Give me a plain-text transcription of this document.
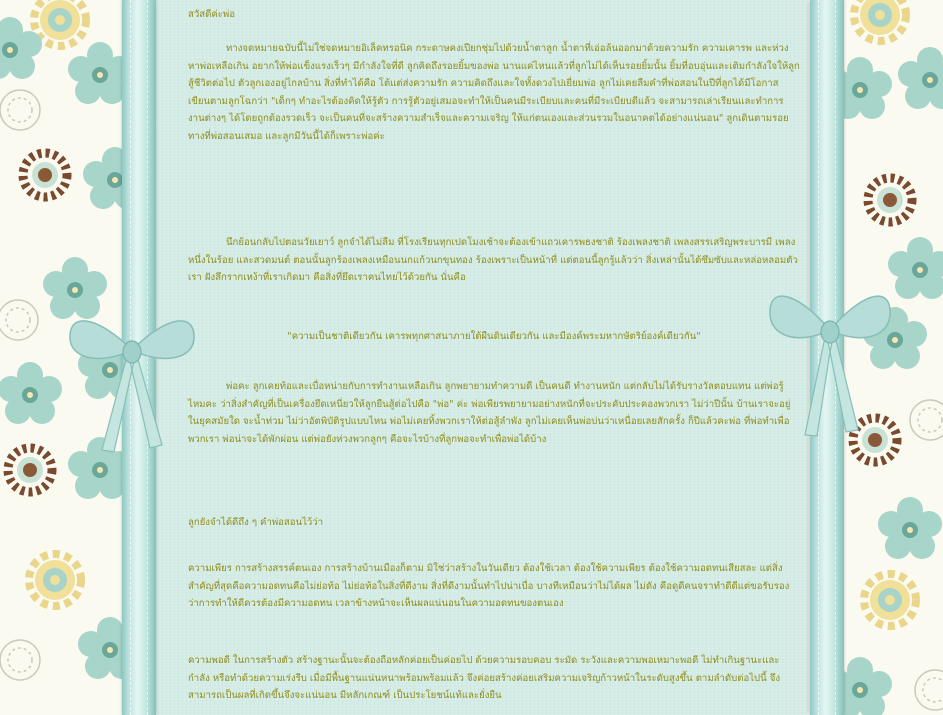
สวัสดีค่ะพ่อ

ทางจดหมายฉบับนี้ไม่ใช่จดหมายอิเล็คทรอนิค กระดาษคงเปียกชุ่มไปด้วยน้ำตาลูก น้ำตาที่เอ่อล้นออกมาด้วยความรัก ความเคารพ และห่วงหาพ่อเหลือเกิน อยากให้พ่อแข็งแรงเร็วๆ มีกำลังใจที่ดี ลูกคิดถึงรอยยิ้มของพ่อ นานแค่ไหนแล้วที่ลูกไม่ได้เห็นรอยยิ้มนั้น ยิ้มที่อบอุ่นและเติมกำลังใจให้ลูกสู้ชีวิตต่อไป ตัวลูกเองอยู่ไกลบ้าน สิ่งที่ทำได้คือ โต้แต่ส่งความรัก ความคิดถึงและใจทั้งดวงไปเยี่ยมพ่อ ลูกไม่เคยลืมคำที่พ่อสอนในปีที่ลูกได้มีโอกาสเขียนตามลูกโฉกว่า "เด็กๆ ทำอะไรต้องคิดให้รู้ตัว การรู้ตัวอยู่เสมอจะทำให้เป็นคนมีระเบียบและคนที่มีระเบียบดีแล้ว จะสามารถเล่าเรียนและทำการงานต่างๆ ได้โดยถูกต้องรวดเร็ว จะเป็นคนที่จะสร้างความสำเร็จและความเจริญ ให้แก่ตนเองและส่วนรวมในอนาคตได้อย่างแน่นอน" ลูกเดินตามรอยทางที่พ่อสอนเสมอ และลูกมีวันนี้ได้ก็เพราะพ่อค่ะ

นึกย้อนกลับไปตอนวัยเยาว์ ลูกจำได้ไม่ลืม ที่โรงเรียนทุกเปดโมงเช้าจะต้องเข้าแถวเคารพธงชาติ ร้องเพลงชาติ เพลงสรรเสริญพระบารมี เพลงหนึ่งในร้อย และสวดมนต์ ตอนนั้นลูกร้องเพลงเหมือนนกแก้วนกขุนทอง ร้องเพราะเป็นหน้าที่ แต่ตอนนี้ลูกรู้แล้วว่า สิ่งเหล่านั้นได้ซึมซับและหล่อหลอมตัวเรา ฝังลึกรากเหง้าที่เราเกิดมา คือสิ่งที่ยึดเราคนไทยไว้ด้วยกัน นั่นคือ

"ความเป็นชาติเดียวกัน เคารพทุกศาสนาภายใต้ผืนดินเดียวกัน และมีองค์พระมหากษัตริย์องค์เดียวกัน"

พ่อคะ ลูกเคยท้อและเบื่อหน่ายกับการทำงานเหลือเกิน ลูกพยายามทำความดี เป็นคนดี ทำงานหนัก แต่กลับไม่ได้รับรางวัลตอบแทน แต่พ่อรู้ไหมคะ ว่าสิ่งสำคัญที่เป็นเครื่องยึดเหนี่ยวให้ลูกยืนสู้ต่อไปคือ "พ่อ" ค่ะ พ่อเพียรพยายามอย่างหนักที่จะประคับประคองพวกเรา ไม่ว่าปีนั้น บ้านเราจะอยู่ในยุคสมัยใด จะน้ำท่วม ไม่ว่าอัตพิบัติรูปแบบไหน พ่อไม่เคยทิ้งพวกเราให้ต่อสู้ลำพัง ลูกไม่เคยเห็นพ่อบ่นว่าเหนื่อยเลยสักครั้ง ก็ปีแล้วคะพ่อ ที่พ่อทำเพื่อพวกเรา พ่อน่าจะได้พักผ่อน แต่พ่อยังห่วงพวกลูกๆ คือจะไรบ้างที่ลูกพอจะทำเพื่อพ่อได้บ้าง

ลูกยังจำได้ดีถึง ๆ คำพ่อสอนไว้ว่า

ความเพียร การสร้างสรรค์ตนเอง การสร้างบ้านเมืองก็ตาม มิใช่ว่าสร้างในวันเดียว ต้องใช้เวลา ต้องใช้ความเพียร ต้องใช้ความอดทนเสียสละ แต่สิ่งสำคัญที่สุดคือความอดทนคือไม่ย่อท้อ ไม่ย่อท้อในสิ่งที่ดีงาม สิ่งที่ดีงามนั้นทำไปน่าเบื่อ บางทีเหมือนว่าไม่ได้ผล ไม่ดัง คือดูดีคนจราทำดีดีแต่ขอรับรองว่าการทำให้ดีควรต้องมีความอดทน เวลาข้างหน้าจะเห็นผลแน่นอนในความอดทนของตนเอง

ความพอดี ในการสร้างตัว สร้างฐานะนั้นจะต้องถือหลักค่อยเป็นค่อยไป ด้วยความรอบคอบ ระมัด ระวังและความพอเหมาะพอดี ไม่ทำเกินฐานะและกำลัง หรือทำด้วยความเร่งรีบ เมื่อมีพื้นฐานแน่นหนาพร้อมพร้อมแล้ว จึงค่อยสร้างค่อยเสริมความเจริญก้าวหน้าในระดับสูงขึ้น ตามลำดับต่อไปนี้ จึงสามารถเป็นผลที่เกิดขึ้นจึงจะแน่นอน มีหลักเกณฑ์ เป็นประโยชน์แท้และยั่งยืน
